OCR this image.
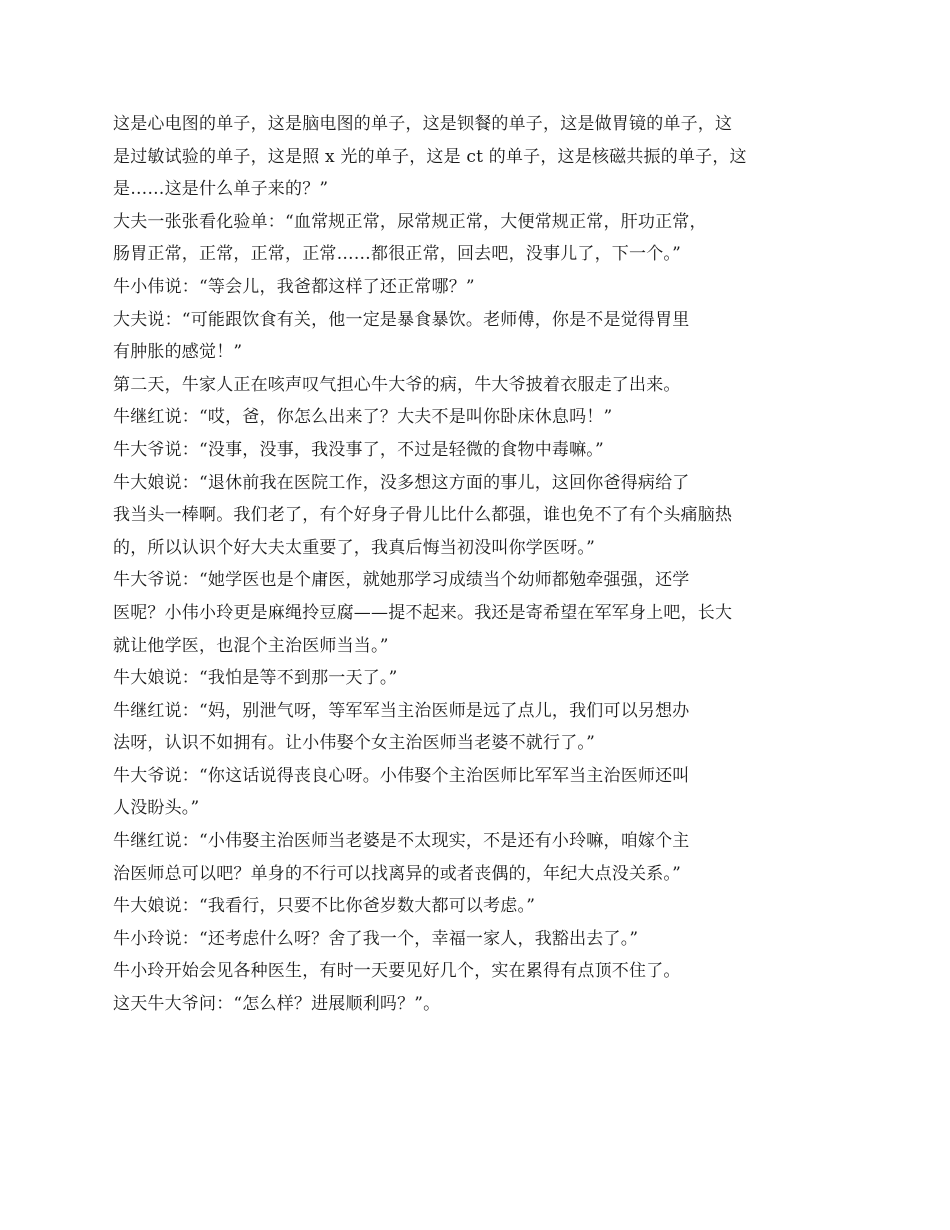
这是心电图的单子，这是脑电图的单子，这是钡餐的单子，这是做胃镜的单子，这
是过敏试验的单子，这是照 x 光的单子，这是 ct 的单子，这是核磁共振的单子，这
是……这是什么单子来的？”
大夫一张张看化验单：“血常规正常，尿常规正常，大便常规正常，肝功正常，
肠胃正常，正常，正常，正常……都很正常，回去吧，没事儿了，下一个。”
牛小伟说：“等会儿，我爸都这样了还正常哪？”
大夫说：“可能跟饮食有关，他一定是暴食暴饮。老师傅，你是不是觉得胃里
有肿胀的感觉！”
第二天，牛家人正在咳声叹气担心牛大爷的病，牛大爷披着衣服走了出来。
牛继红说：“哎，爸，你怎么出来了？大夫不是叫你卧床休息吗！”
牛大爷说：“没事，没事，我没事了，不过是轻微的食物中毒嘛。”
牛大娘说：“退休前我在医院工作，没多想这方面的事儿，这回你爸得病给了
我当头一棒啊。我们老了，有个好身子骨儿比什么都强，谁也免不了有个头痛脑热
的，所以认识个好大夫太重要了，我真后悔当初没叫你学医呀。”
牛大爷说：“她学医也是个庸医，就她那学习成绩当个幼师都勉牵强强，还学
医呢？小伟小玲更是麻绳拎豆腐——提不起来。我还是寄希望在军军身上吧，长大
就让他学医，也混个主治医师当当。”
牛大娘说：“我怕是等不到那一天了。”
牛继红说：“妈，别泄气呀，等军军当主治医师是远了点儿，我们可以另想办
法呀，认识不如拥有。让小伟娶个女主治医师当老婆不就行了。”
牛大爷说：“你这话说得丧良心呀。小伟娶个主治医师比军军当主治医师还叫
人没盼头。”
牛继红说：“小伟娶主治医师当老婆是不太现实，不是还有小玲嘛，咱嫁个主
治医师总可以吧？单身的不行可以找离异的或者丧偶的，年纪大点没关系。”
牛大娘说：“我看行，只要不比你爸岁数大都可以考虑。”
牛小玲说：“还考虑什么呀？舍了我一个，幸福一家人，我豁出去了。”
牛小玲开始会见各种医生，有时一天要见好几个，实在累得有点顶不住了。
这天牛大爷问：“怎么样？进展顺利吗？”。
